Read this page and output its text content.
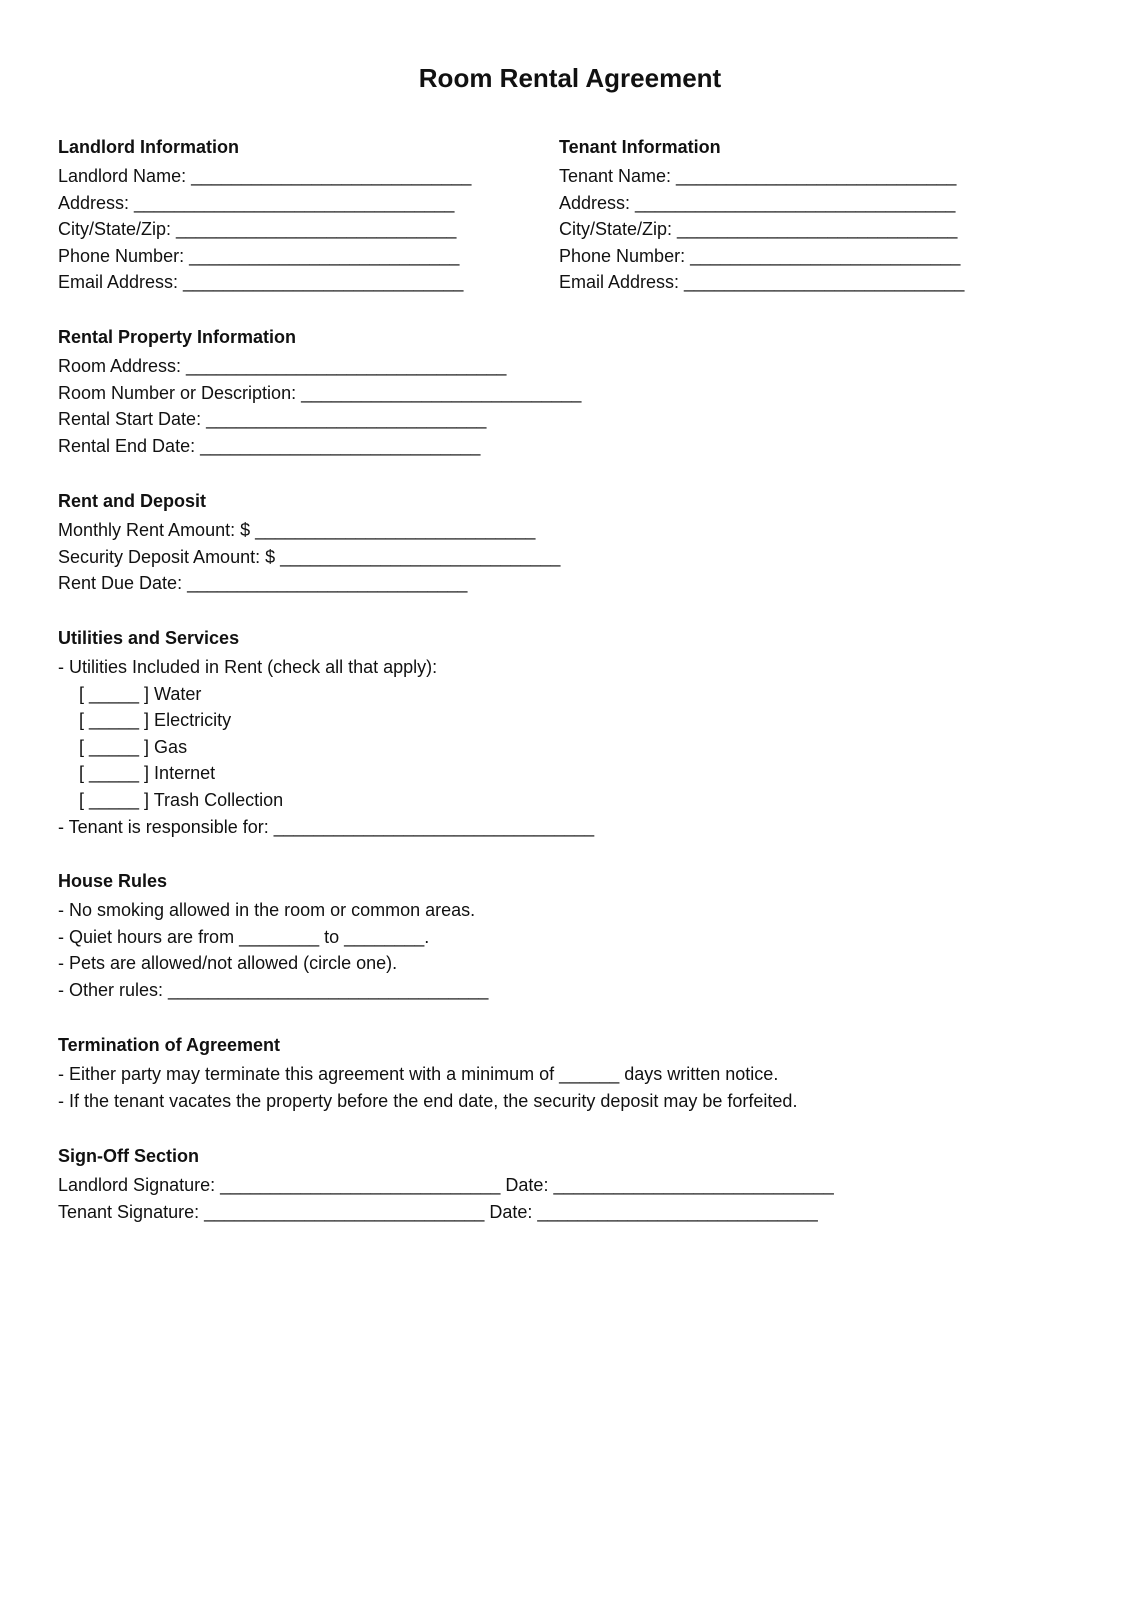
Room Rental Agreement
Landlord Information
Landlord Name: ____________________________
Address: ________________________________
City/State/Zip: ____________________________
Phone Number: ___________________________
Email Address: ____________________________
Tenant Information
Tenant Name: ____________________________
Address: ________________________________
City/State/Zip: ____________________________
Phone Number: ___________________________
Email Address: ____________________________
Rental Property Information
Room Address: ________________________________
Room Number or Description: ____________________________
Rental Start Date: ____________________________
Rental End Date: ____________________________
Rent and Deposit
Monthly Rent Amount: $ ____________________________
Security Deposit Amount: $ ____________________________
Rent Due Date: ____________________________
Utilities and Services
- Utilities Included in Rent (check all that apply):
[ _____ ] Water
[ _____ ] Electricity
[ _____ ] Gas
[ _____ ] Internet
[ _____ ] Trash Collection
- Tenant is responsible for: ________________________________
House Rules
- No smoking allowed in the room or common areas.
- Quiet hours are from ________ to ________.
- Pets are allowed/not allowed (circle one).
- Other rules: ________________________________
Termination of Agreement
- Either party may terminate this agreement with a minimum of ______ days written notice.
- If the tenant vacates the property before the end date, the security deposit may be forfeited.
Sign-Off Section
Landlord Signature: ____________________________ Date: ____________________________
Tenant Signature: ____________________________ Date: ____________________________
